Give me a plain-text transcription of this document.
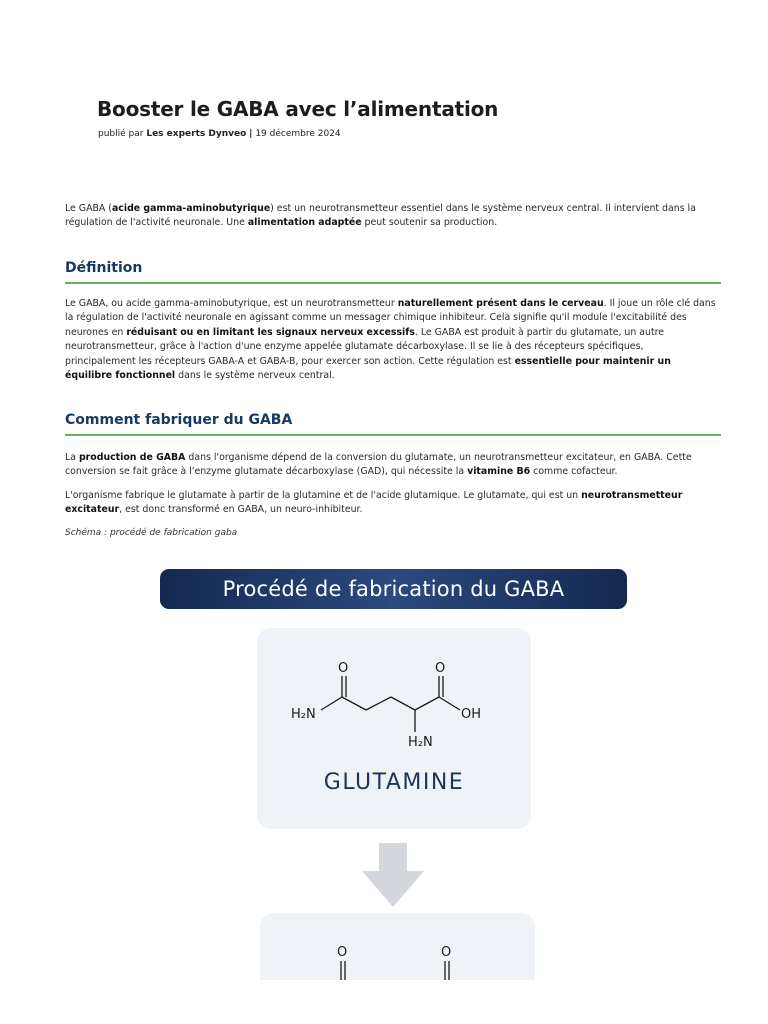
Booster le GABA avec l’alimentation
publié par Les experts Dynveo | 19 décembre 2024

Le GABA (acide gamma-aminobutyrique) est un neurotransmetteur essentiel dans le système nerveux central. Il intervient dans la régulation de l'activité neuronale. Une alimentation adaptée peut soutenir sa production.

Définition

Le GABA, ou acide gamma-aminobutyrique, est un neurotransmetteur naturellement présent dans le cerveau. Il joue un rôle clé dans la régulation de l'activité neuronale en agissant comme un messager chimique inhibiteur. Cela signifie qu'il module l'excitabilité des neurones en réduisant ou en limitant les signaux nerveux excessifs. Le GABA est produit à partir du glutamate, un autre neurotransmetteur, grâce à l'action d'une enzyme appelée glutamate décarboxylase. Il se lie à des récepteurs spécifiques, principalement les récepteurs GABA-A et GABA-B, pour exercer son action. Cette régulation est essentielle pour maintenir un équilibre fonctionnel dans le système nerveux central.

Comment fabriquer du GABA

La production de GABA dans l'organisme dépend de la conversion du glutamate, un neurotransmetteur excitateur, en GABA. Cette conversion se fait grâce à l'enzyme glutamate décarboxylase (GAD), qui nécessite la vitamine B6 comme cofacteur.

L'organisme fabrique le glutamate à partir de la glutamine et de l'acide glutamique. Le glutamate, qui est un neurotransmetteur excitateur, est donc transformé en GABA, un neuro-inhibiteur.

Schéma : procédé de fabrication gaba
Procédé de fabrication du GABA
O	O
H₂N	OH
H₂N
GLUTAMINE
O	O
